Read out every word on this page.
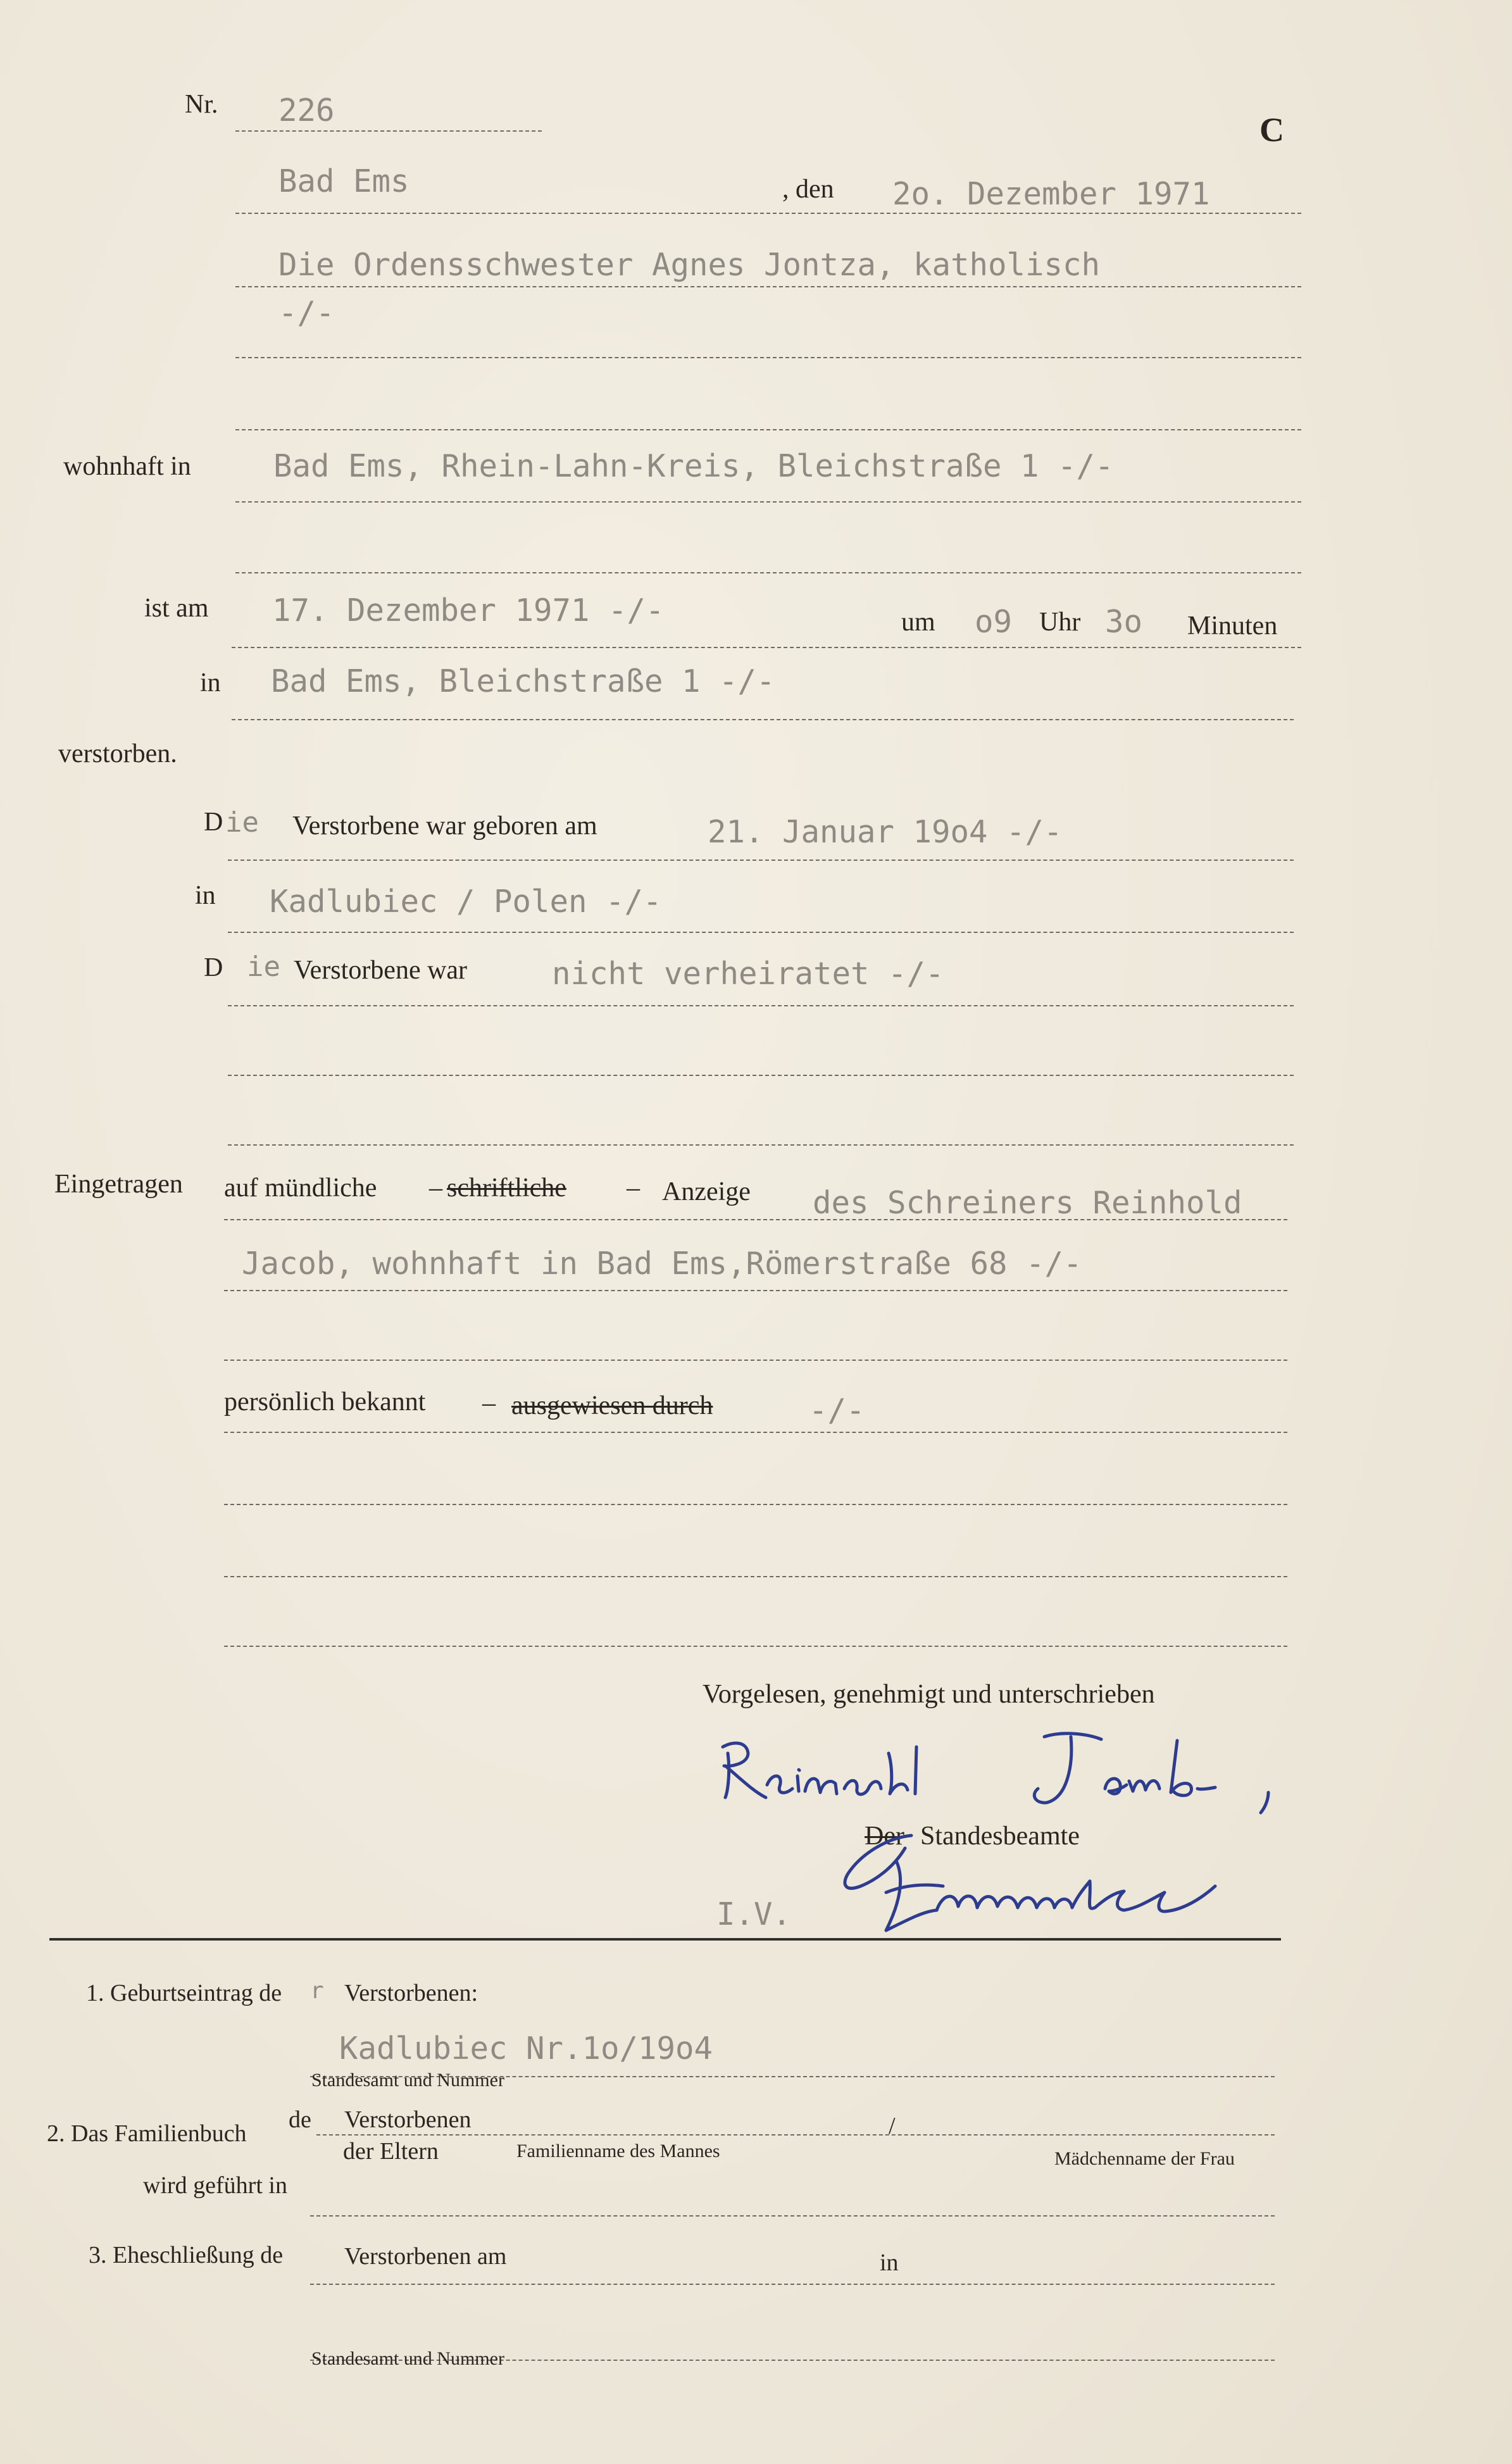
Nr. 226
C
Bad Ems	, den 2o. Dezember 1971
Die Ordensschwester Agnes Jontza, katholisch
-/-
wohnhaft in	Bad Ems, Rhein-Lahn-Kreis, Bleichstraße 1 -/-
ist am 17. Dezember 1971 -/-	um o9 Uhr 3o Minuten
in Bad Ems, Bleichstraße 1 -/-
verstorben.
D ie Verstorbene war geboren am	21. Januar 19o4 -/-
in Kadlubiec / Polen -/-
D ie Verstorbene war	nicht verheiratet -/-
Eingetragen auf mündliche – schriftliche – Anzeige des Schreiners Reinhold
Jacob, wohnhaft in Bad Ems,Römerstraße 68 -/-
persönlich bekannt – ausgewiesen durch	-/-
Vorgelesen, genehmigt und unterschrieben
Der Standesbeamte
I.V.
1. Geburtseintrag de r Verstorbenen:
Kadlubiec Nr.1o/19o4
Standesamt und Nummer
2. Das Familienbuch
de Verstorbenen
der Eltern	Familienname des Mannes
/
Mädchenname der Frau
wird geführt in
3. Eheschließung de	Verstorbenen am	in
Standesamt und Nummer
